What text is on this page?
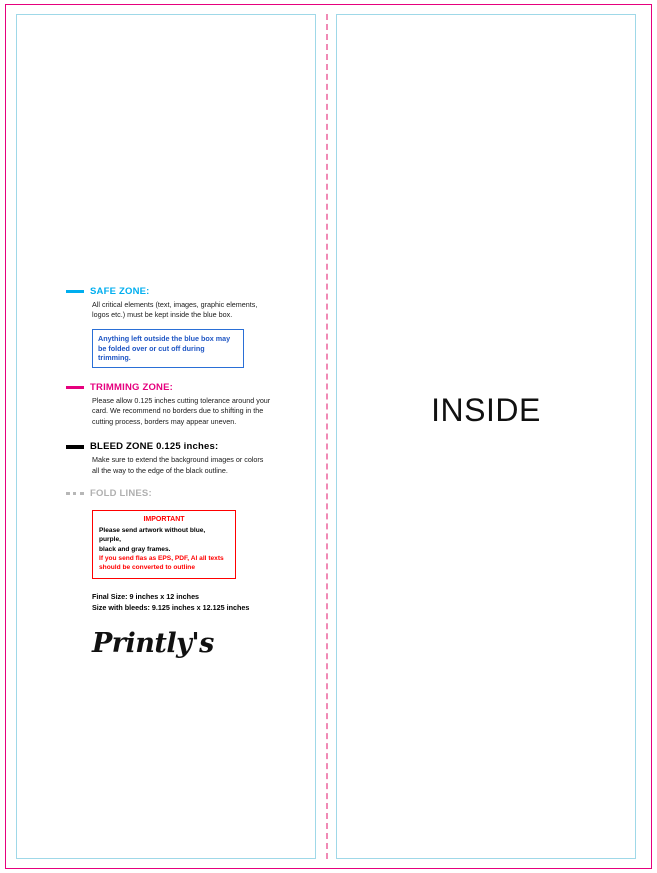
SAFE ZONE:
All critical elements (text, images, graphic elements, logos etc.) must be kept inside the blue box.

Anything left outside the blue box may

be folded over or cut off during trimming.

TRIMMING ZONE:
Please allow 0.125 inches cutting tolerance around your card. We recommend no borders due to shifting in the cutting process, borders may appear uneven.
BLEED ZONE 0.125 inches:
Make sure to extend the background images or colors all the way to the edge of the black outline.
FOLD LINES:
IMPORTANT

Please send artwork without blue, purple,

black and gray frames.

If you send flas as EPS, PDF, Al all texts

should be converted to outline

Final Size: 9 inches x 12 inches
Size with bleeds: 9.125 inches x 12.125 inches
Printly's
INSIDE
